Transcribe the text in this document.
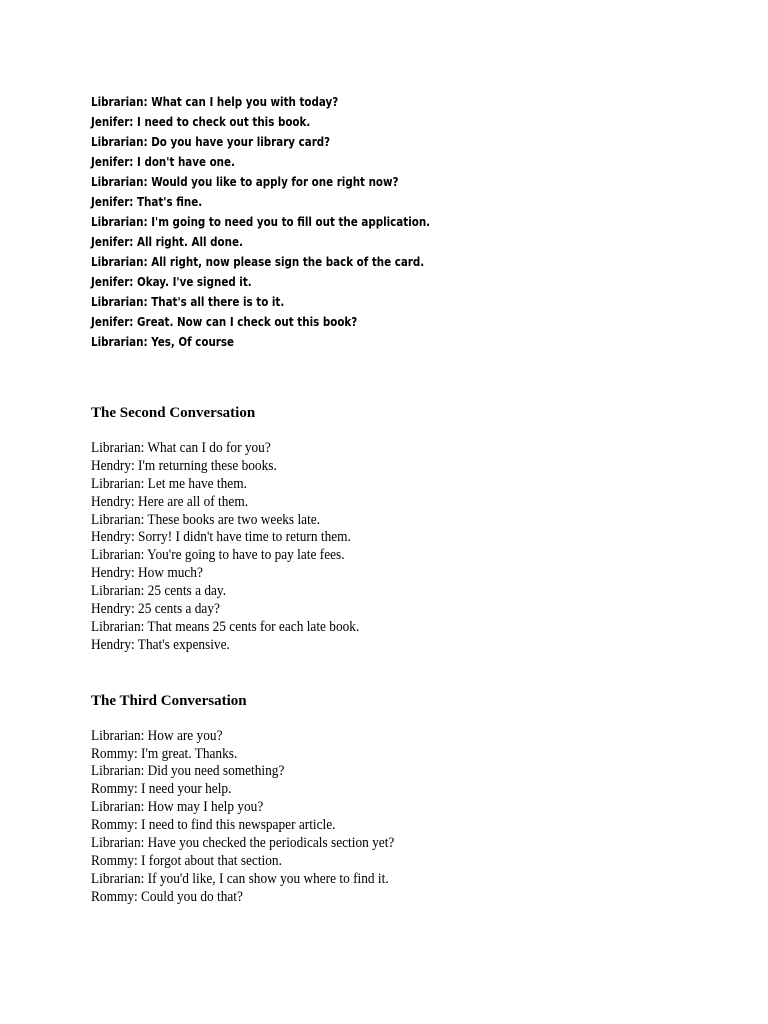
Librarian: What can I help you with today?
Jenifer: I need to check out this book.
Librarian: Do you have your library card?
Jenifer: I don't have one.
Librarian: Would you like to apply for one right now?
Jenifer: That's fine.
Librarian: I'm going to need you to fill out the application.
Jenifer: All right. All done.
Librarian: All right, now please sign the back of the card.
Jenifer: Okay. I've signed it.
Librarian: That's all there is to it.
Jenifer: Great. Now can I check out this book?
Librarian: Yes, Of course
The Second Conversation
Librarian: What can I do for you?
Hendry: I'm returning these books.
Librarian: Let me have them.
Hendry: Here are all of them.
Librarian: These books are two weeks late.
Hendry: Sorry! I didn't have time to return them.
Librarian: You're going to have to pay late fees.
Hendry: How much?
Librarian: 25 cents a day.
Hendry: 25 cents a day?
Librarian: That means 25 cents for each late book.
Hendry: That's expensive.
The Third Conversation
Librarian: How are you?
Rommy: I'm great. Thanks.
Librarian: Did you need something?
Rommy: I need your help.
Librarian: How may I help you?
Rommy: I need to find this newspaper article.
Librarian: Have you checked the periodicals section yet?
Rommy: I forgot about that section.
Librarian: If you'd like, I can show you where to find it.
Rommy: Could you do that?
